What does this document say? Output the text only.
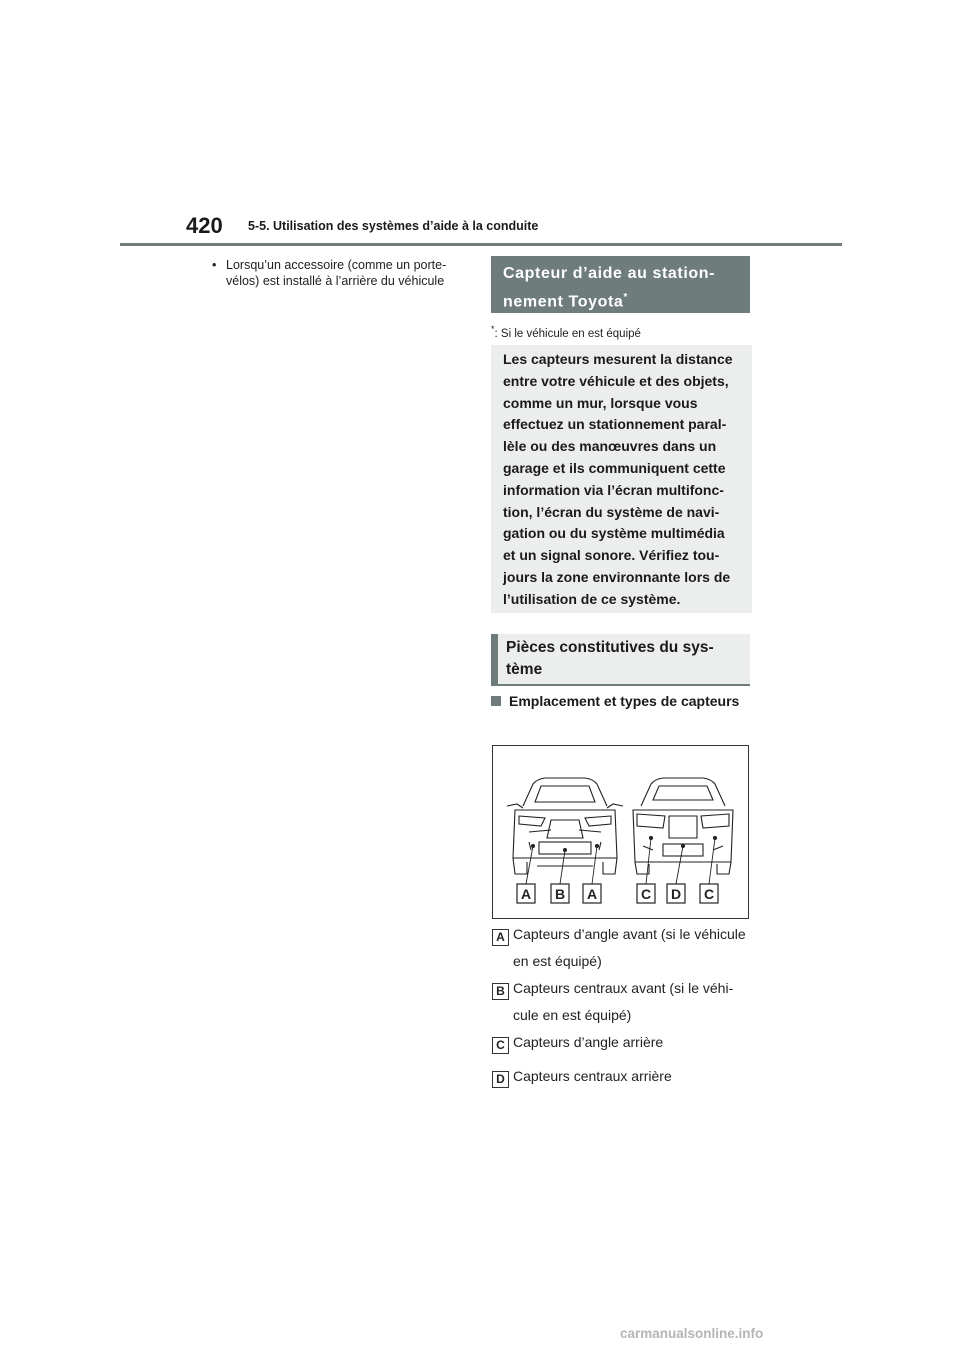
420 5-5. Utilisation des systèmes d’aide à la conduite
• Lorsqu’un accessoire (comme un porte-vélos) est installé à l’arrière du véhicule	Capteur d’aide au stationnement Toyota*
*: Si le véhicule en est équipé
Les capteurs mesurent la distance entre votre véhicule et des objets, comme un mur, lorsque vous effectuez un stationnement parallèle ou des manœuvres dans un garage et ils communiquent cette information via l’écran multifonction, l’écran du système de navigation ou du système multimédia et un signal sonore. Vérifiez toujours la zone environnante lors de l’utilisation de ce système.
Pièces constitutives du système
Emplacement et types de capteurs
A B A	C D C
A Capteurs d’angle avant (si le véhicule en est équipé)
B Capteurs centraux avant (si le véhicule en est équipé)
C Capteurs d’angle arrière
D Capteurs centraux arrière
carmanualsonline.info
